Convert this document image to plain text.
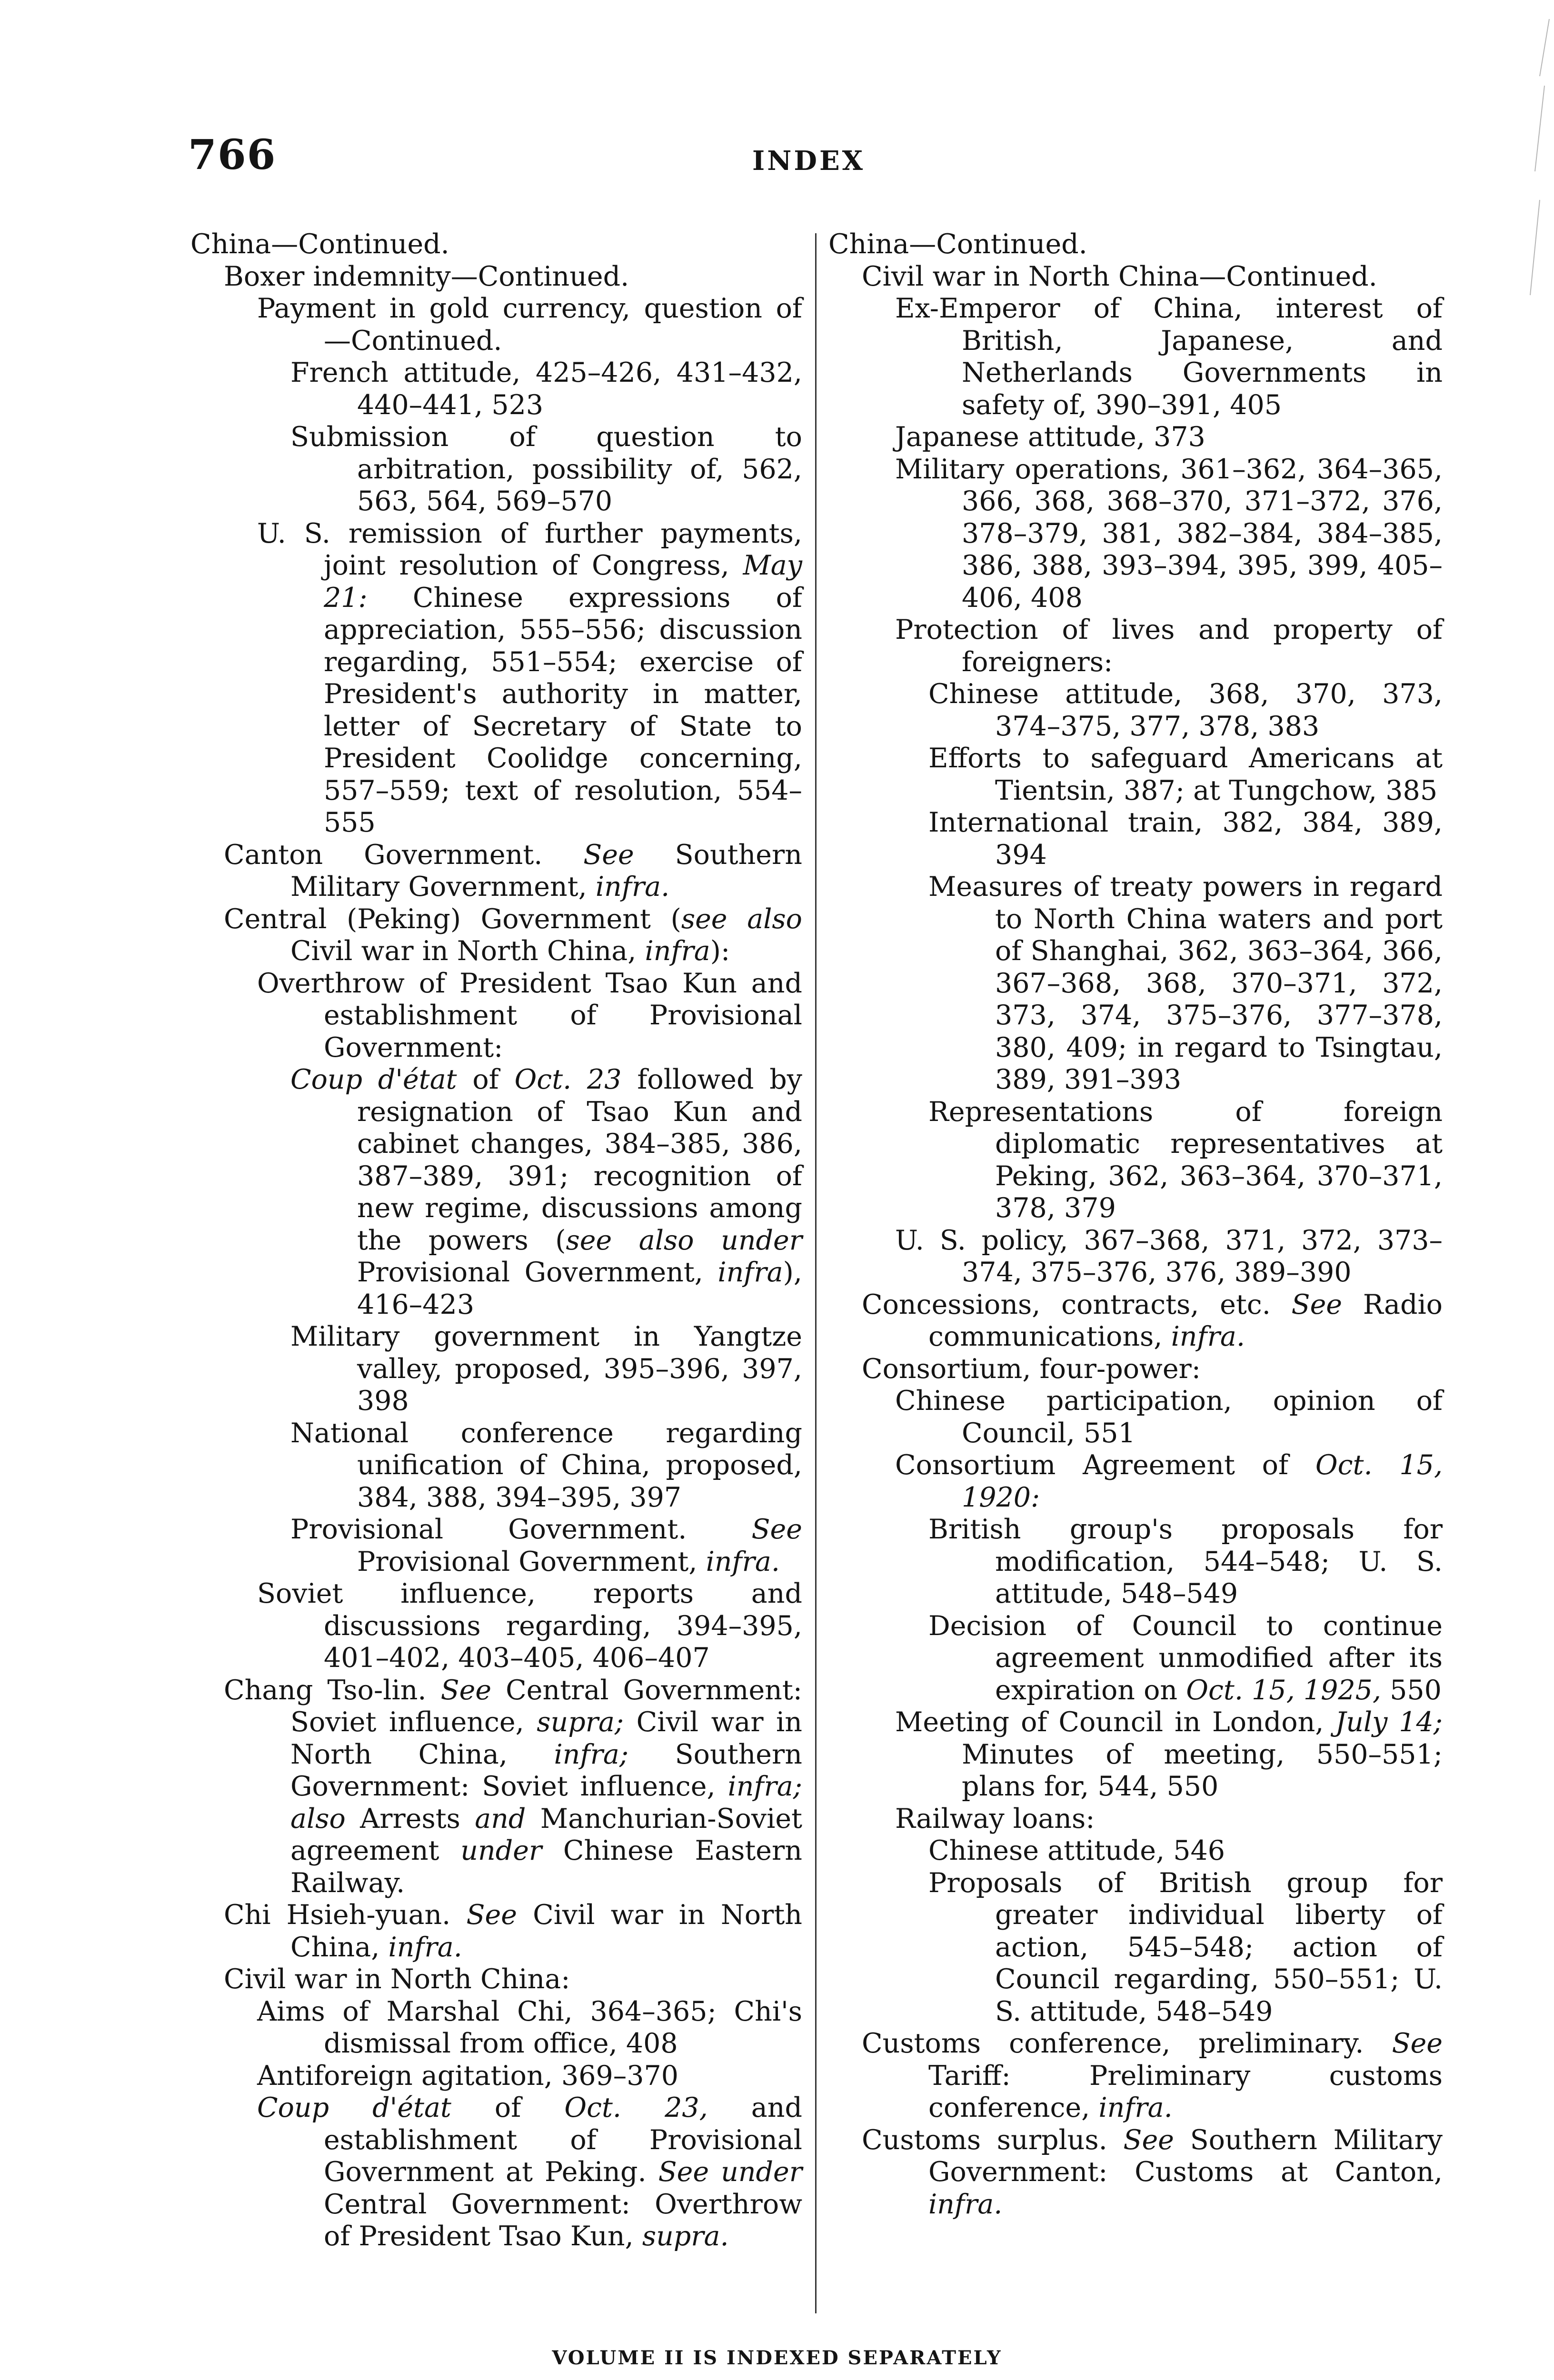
766	INDEX
China—Continued.
Boxer indemnity—Continued.
Payment in gold currency, question of—Continued.
French attitude, 425–426, 431–432, 440–441, 523
Submission of question to arbitration, possibility of, 562, 563, 564, 569–570
U. S. remission of further payments, joint resolution of Congress, May 21: Chinese expressions of appreciation, 555–556; discussion regarding, 551–554; exercise of President's authority in matter, letter of Secretary of State to President Coolidge concerning, 557–559; text of resolution, 554–555
Canton Government. See Southern Military Government, infra.
Central (Peking) Government (see also Civil war in North China, infra):
Overthrow of President Tsao Kun and establishment of Provisional Government:
Coup d'état of Oct. 23 followed by resignation of Tsao Kun and cabinet changes, 384–385, 386, 387–389, 391; recognition of new regime, discussions among the powers (see also under Provisional Government, infra), 416–423
Military government in Yangtze valley, proposed, 395–396, 397, 398
National conference regarding unification of China, proposed, 384, 388, 394–395, 397
Provisional Government. See Provisional Government, infra.
Soviet influence, reports and discussions regarding, 394–395, 401–402, 403–405, 406–407
Chang Tso-lin. See Central Government: Soviet influence, supra; Civil war in North China, infra; Southern Government: Soviet influence, infra; also Arrests and Manchurian-Soviet agreement under Chinese Eastern Railway.
Chi Hsieh-yuan. See Civil war in North China, infra.
Civil war in North China:
Aims of Marshal Chi, 364–365; Chi's dismissal from office, 408
Antiforeign agitation, 369–370
Coup d'état of Oct. 23, and establishment of Provisional Government at Peking. See under Central Government: Overthrow of President Tsao Kun, supra.
China—Continued.
Civil war in North China—Continued.
Ex-Emperor of China, interest of British, Japanese, and Netherlands Governments in safety of, 390–391, 405
Japanese attitude, 373
Military operations, 361–362, 364–365, 366, 368, 368–370, 371–372, 376, 378–379, 381, 382–384, 384–385, 386, 388, 393–394, 395, 399, 405–406, 408
Protection of lives and property of foreigners:
Chinese attitude, 368, 370, 373, 374–375, 377, 378, 383
Efforts to safeguard Americans at Tientsin, 387; at Tungchow, 385
International train, 382, 384, 389, 394
Measures of treaty powers in regard to North China waters and port of Shanghai, 362, 363–364, 366, 367–368, 368, 370–371, 372, 373, 374, 375–376, 377–378, 380, 409; in regard to Tsingtau, 389, 391–393
Representations of foreign diplomatic representatives at Peking, 362, 363–364, 370–371, 378, 379
U. S. policy, 367–368, 371, 372, 373–374, 375–376, 376, 389–390
Concessions, contracts, etc. See Radio communications, infra.
Consortium, four-power:
Chinese participation, opinion of Council, 551
Consortium Agreement of Oct. 15, 1920:
British group's proposals for modification, 544–548; U. S. attitude, 548–549
Decision of Council to continue agreement unmodified after its expiration on Oct. 15, 1925, 550
Meeting of Council in London, July 14; Minutes of meeting, 550–551; plans for, 544, 550
Railway loans:
Chinese attitude, 546
Proposals of British group for greater individual liberty of action, 545–548; action of Council regarding, 550–551; U. S. attitude, 548–549
Customs conference, preliminary. See Tariff: Preliminary customs conference, infra.
Customs surplus. See Southern Military Government: Customs at Canton, infra.
VOLUME II IS INDEXED SEPARATELY
